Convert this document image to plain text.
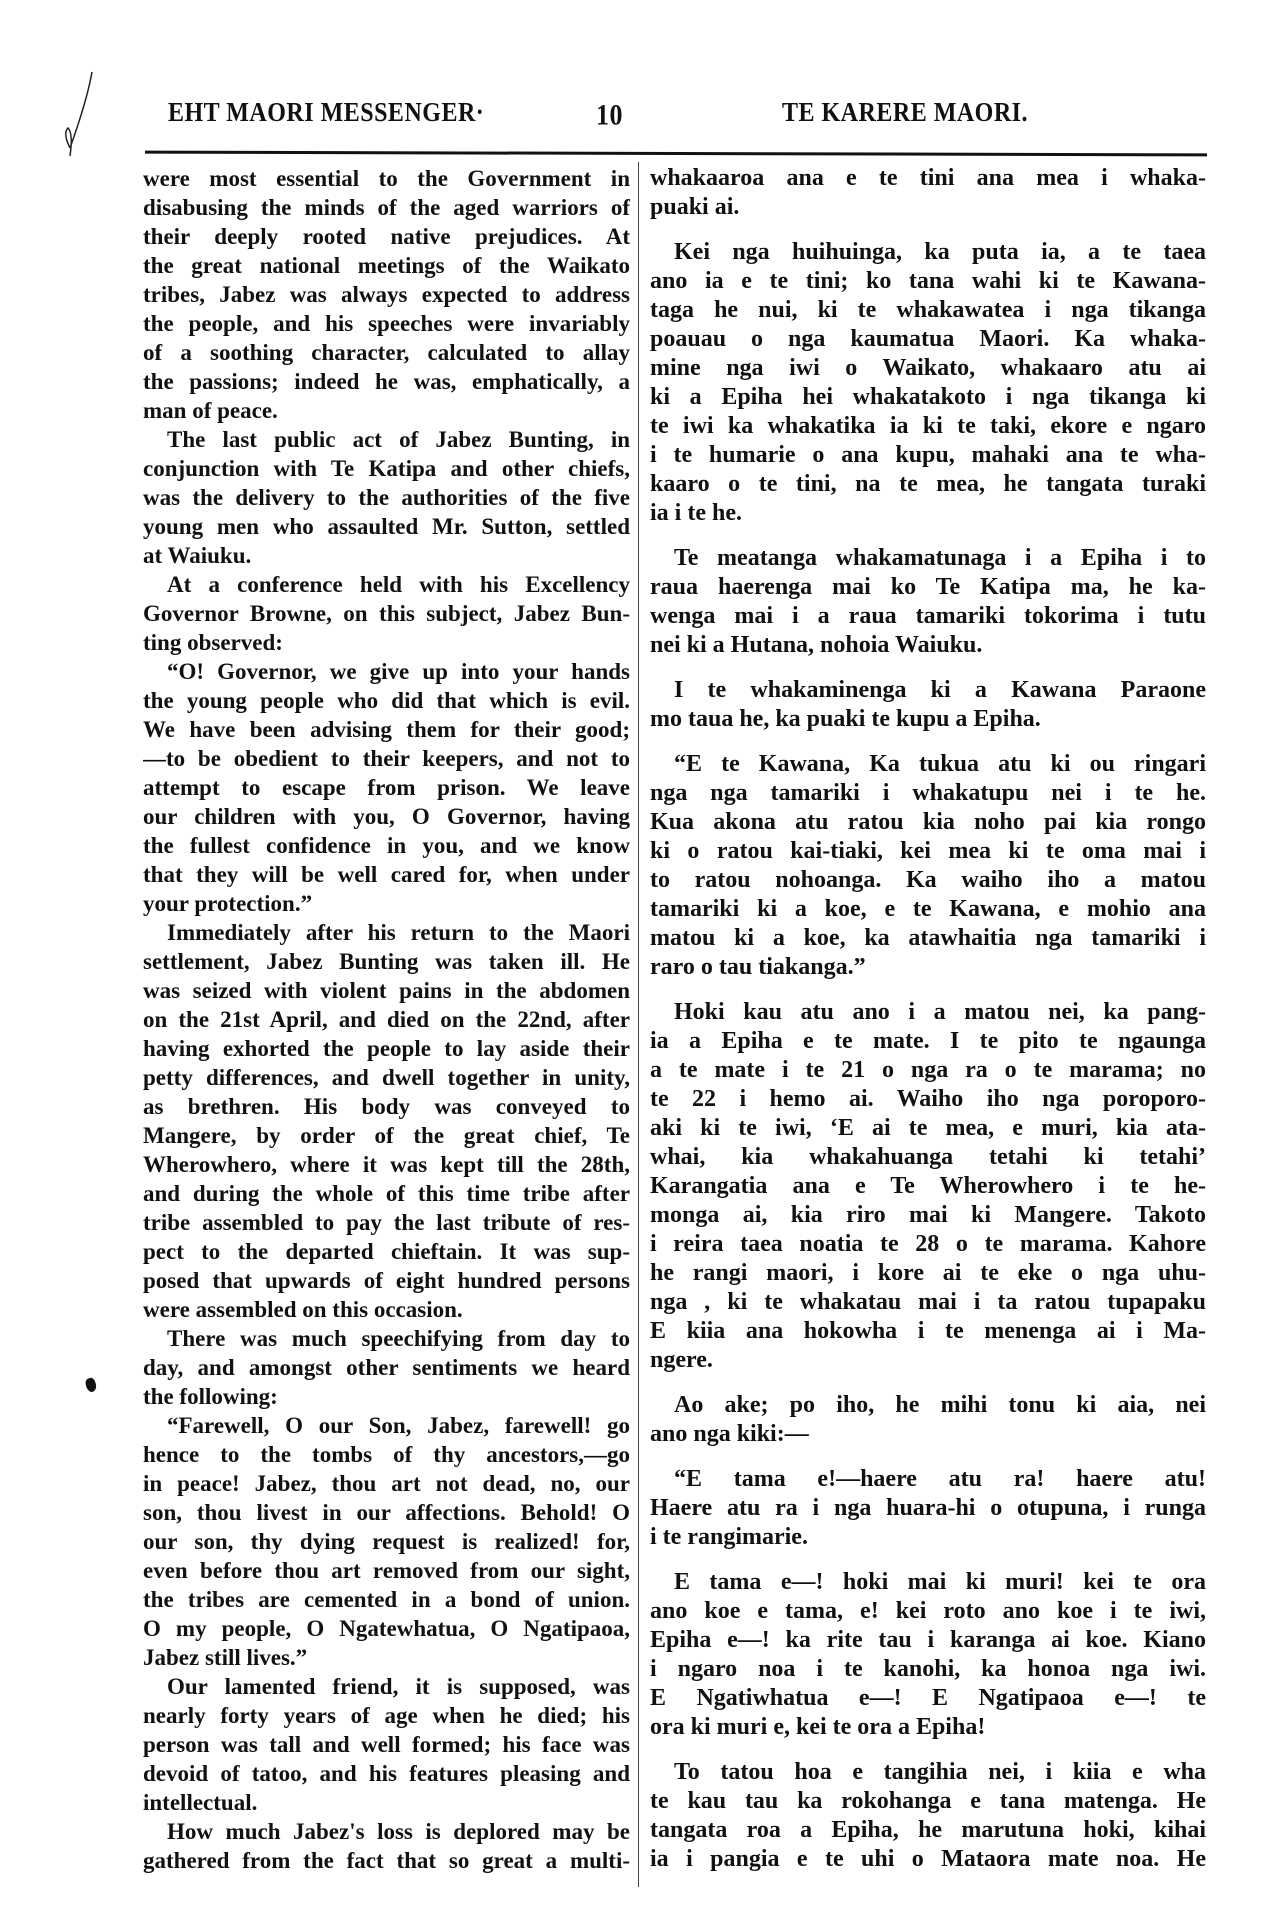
EHT MAORI MESSENGER·	10	TE KARERE MAORI.
were most essential to the Government in
disabusing the minds of the aged warriors of
their deeply rooted native prejudices. At
the great national meetings of the Waikato
tribes, Jabez was always expected to address
the people, and his speeches were invariably
of a soothing character, calculated to allay
the passions; indeed he was, emphatically, a
man of peace.
The last public act of Jabez Bunting, in
conjunction with Te Katipa and other chiefs,
was the delivery to the authorities of the five
young men who assaulted Mr. Sutton, settled
at Waiuku.
At a conference held with his Excellency
Governor Browne, on this subject, Jabez Bun-
ting observed:
“O! Governor, we give up into your hands
the young people who did that which is evil.
We have been advising them for their good;
—to be obedient to their keepers, and not to
attempt to escape from prison. We leave
our children with you, O Governor, having
the fullest confidence in you, and we know
that they will be well cared for, when under
your protection.”
Immediately after his return to the Maori
settlement, Jabez Bunting was taken ill. He
was seized with violent pains in the abdomen
on the 21st April, and died on the 22nd, after
having exhorted the people to lay aside their
petty differences, and dwell together in unity,
as brethren. His body was conveyed to
Mangere, by order of the great chief, Te
Wherowhero, where it was kept till the 28th,
and during the whole of this time tribe after
tribe assembled to pay the last tribute of res-
pect to the departed chieftain. It was sup-
posed that upwards of eight hundred persons
were assembled on this occasion.
There was much speechifying from day to
day, and amongst other sentiments we heard
the following:
“Farewell, O our Son, Jabez, farewell! go
hence to the tombs of thy ancestors,—go
in peace! Jabez, thou art not dead, no, our
son, thou livest in our affections. Behold! O
our son, thy dying request is realized! for,
even before thou art removed from our sight,
the tribes are cemented in a bond of union.
O my people, O Ngatewhatua, O Ngatipaoa,
Jabez still lives.”
Our lamented friend, it is supposed, was
nearly forty years of age when he died; his
person was tall and well formed; his face was
devoid of tatoo, and his features pleasing and
intellectual.
How much Jabez's loss is deplored may be
gathered from the fact that so great a multi-
whakaaroa ana e te tini ana mea i whaka-
puaki ai.
Kei nga huihuinga, ka puta ia, a te taea
ano ia e te tini; ko tana wahi ki te Kawana-
taga he nui, ki te whakawatea i nga tikanga
poauau o nga kaumatua Maori. Ka whaka-
mine nga iwi o Waikato, whakaaro atu ai
ki a Epiha hei whakatakoto i nga tikanga ki
te iwi ka whakatika ia ki te taki, ekore e ngaro
i te humarie o ana kupu, mahaki ana te wha-
kaaro o te tini, na te mea, he tangata turaki
ia i te he.
Te meatanga whakamatunaga i a Epiha i to
raua haerenga mai ko Te Katipa ma, he ka-
wenga mai i a raua tamariki tokorima i tutu
nei ki a Hutana, nohoia Waiuku.
I te whakaminenga ki a Kawana Paraone
mo taua he, ka puaki te kupu a Epiha.
“E te Kawana, Ka tukua atu ki ou ringari
nga nga tamariki i whakatupu nei i te he.
Kua akona atu ratou kia noho pai kia rongo
ki o ratou kai-tiaki, kei mea ki te oma mai i
to ratou nohoanga. Ka waiho iho a matou
tamariki ki a koe, e te Kawana, e mohio ana
matou ki a koe, ka atawhaitia nga tamariki i
raro o tau tiakanga.”
Hoki kau atu ano i a matou nei, ka pang-
ia a Epiha e te mate. I te pito te ngaunga
a te mate i te 21 o nga ra o te marama; no
te 22 i hemo ai. Waiho iho nga poroporo-
aki ki te iwi, ‘E ai te mea, e muri, kia ata-
whai, kia whakahuanga tetahi ki tetahi’
Karangatia ana e Te Wherowhero i te he-
monga ai, kia riro mai ki Mangere. Takoto
i reira taea noatia te 28 o te marama. Kahore
he rangi maori, i kore ai te eke o nga uhu-
nga , ki te whakatau mai i ta ratou tupapaku
E kiia ana hokowha i te menenga ai i Ma-
ngere.
Ao ake; po iho, he mihi tonu ki aia, nei
ano nga kiki:—
“E tama e!—haere atu ra! haere atu!
Haere atu ra i nga huara-hi o otupuna, i runga
i te rangimarie.
E tama e—! hoki mai ki muri! kei te ora
ano koe e tama, e! kei roto ano koe i te iwi,
Epiha e—! ka rite tau i karanga ai koe. Kiano
i ngaro noa i te kanohi, ka honoa nga iwi.
E Ngatiwhatua e—! E Ngatipaoa e—! te
ora ki muri e, kei te ora a Epiha!
To tatou hoa e tangihia nei, i kiia e wha
te kau tau ka rokohanga e tana matenga. He
tangata roa a Epiha, he marutuna hoki, kihai
ia i pangia e te uhi o Mataora mate noa. He
